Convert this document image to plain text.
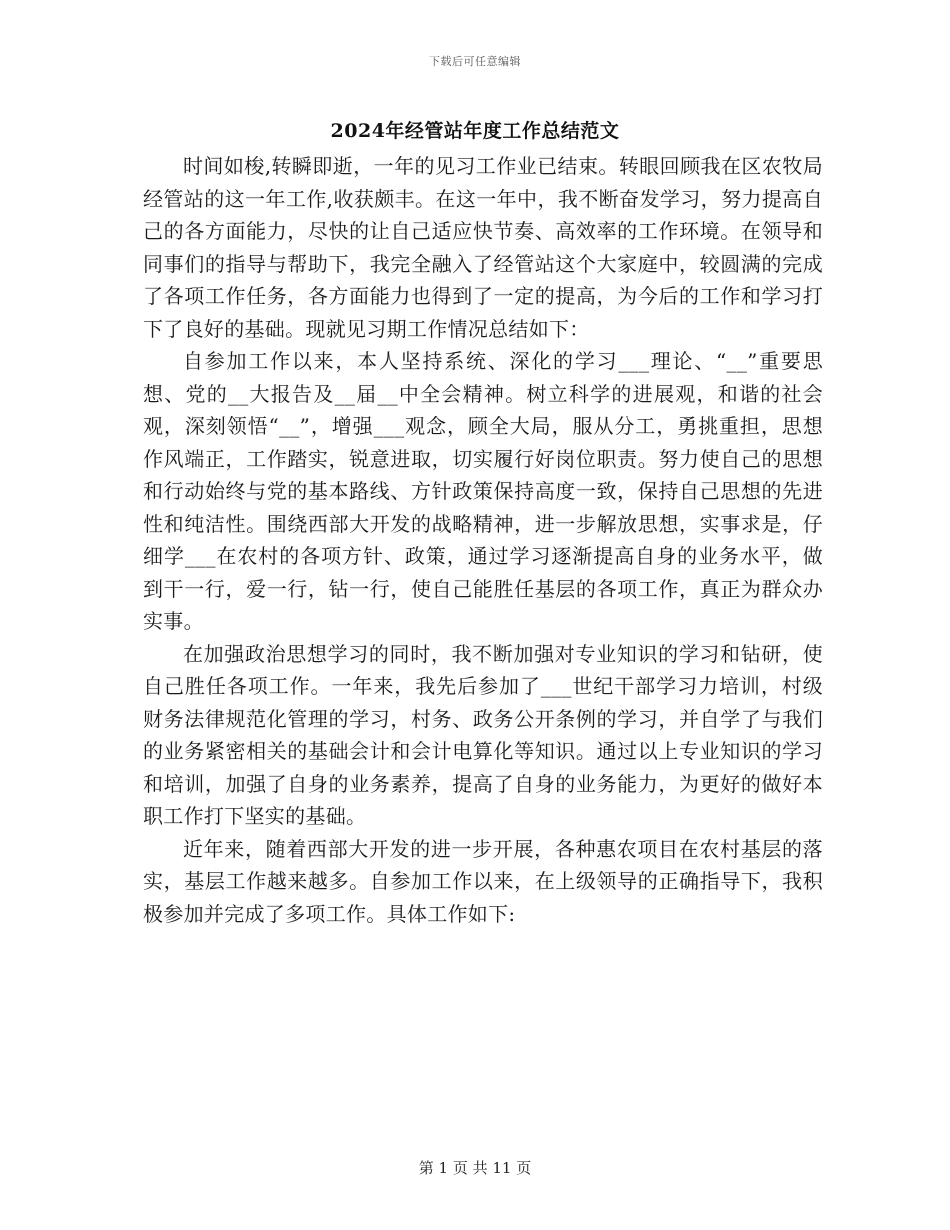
下载后可任意编辑
2024年经管站年度工作总结范文

时间如梭,转瞬即逝，一年的见习工作业已结束。转眼回顾我在区农牧局经管站的这一年工作,收获颇丰。在这一年中，我不断奋发学习，努力提高自己的各方面能力，尽快的让自己适应快节奏、高效率的工作环境。在领导和同事们的指导与帮助下，我完全融入了经管站这个大家庭中，较圆满的完成了各项工作任务，各方面能力也得到了一定的提高，为今后的工作和学习打下了良好的基础。现就见习期工作情况总结如下：

自参加工作以来，本人坚持系统、深化的学习___理论、“__”重要思想、党的__大报告及__届__中全会精神。树立科学的进展观，和谐的社会观，深刻领悟“__”，增强___观念，顾全大局，服从分工，勇挑重担，思想作风端正，工作踏实，锐意进取，切实履行好岗位职责。努力使自己的思想和行动始终与党的基本路线、方针政策保持高度一致，保持自己思想的先进性和纯洁性。围绕西部大开发的战略精神，进一步解放思想，实事求是，仔细学___在农村的各项方针、政策，通过学习逐渐提高自身的业务水平，做到干一行，爱一行，钻一行，使自己能胜任基层的各项工作，真正为群众办实事。

在加强政治思想学习的同时，我不断加强对专业知识的学习和钻研，使自己胜任各项工作。一年来，我先后参加了___世纪干部学习力培训，村级财务法律规范化管理的学习，村务、政务公开条例的学习，并自学了与我们的业务紧密相关的基础会计和会计电算化等知识。通过以上专业知识的学习和培训，加强了自身的业务素养，提高了自身的业务能力，为更好的做好本职工作打下坚实的基础。

近年来，随着西部大开发的进一步开展，各种惠农项目在农村基层的落实，基层工作越来越多。自参加工作以来，在上级领导的正确指导下，我积极参加并完成了多项工作。具体工作如下:

第 1 页 共 11 页
